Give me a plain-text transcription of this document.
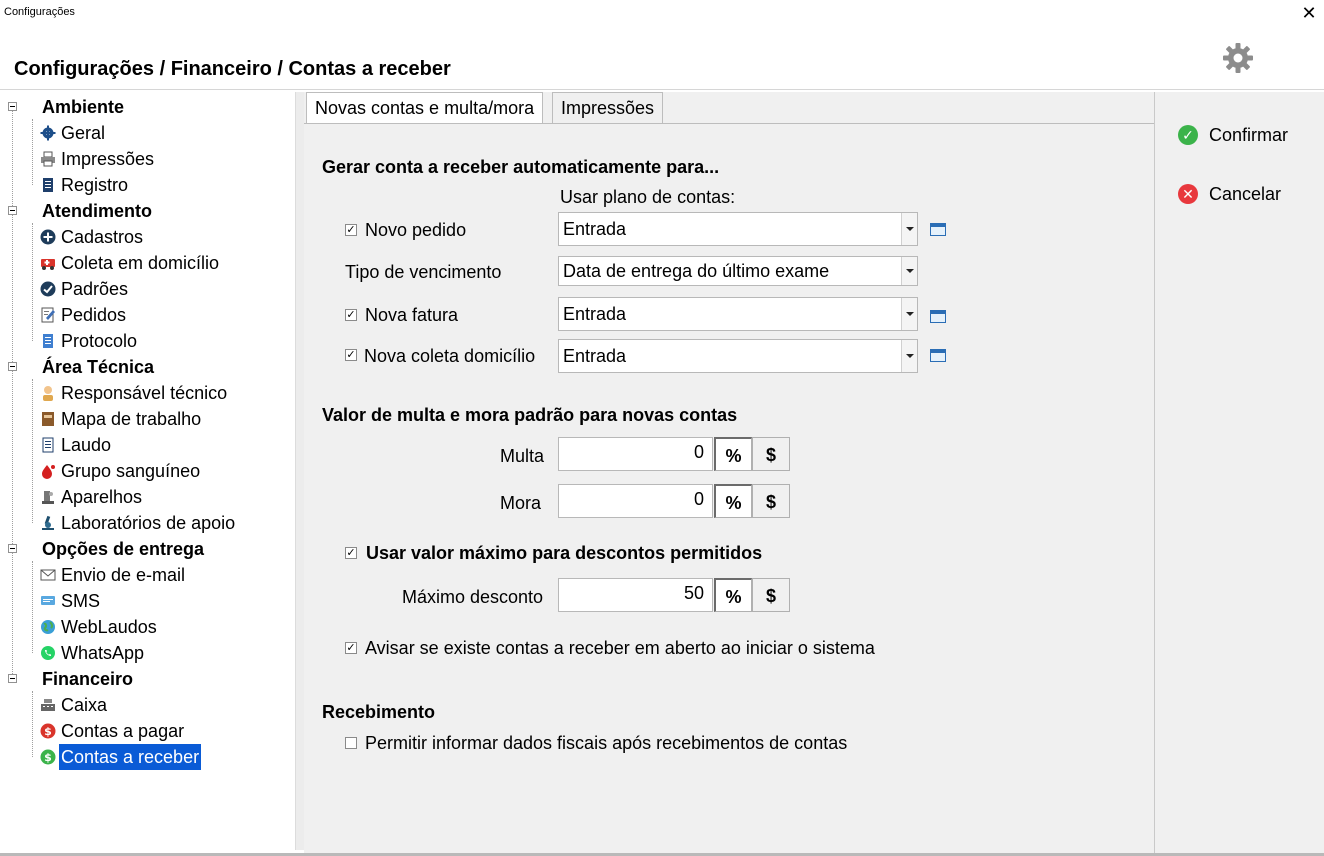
Configurações	✕
Configurações / Financeiro / Contas a receber
Ambiente
Geral
Impressões
Registro
Atendimento
Cadastros
Coleta em domicílio
Padrões
Pedidos
Protocolo
Área Técnica
Responsável técnico
Mapa de trabalho
Laudo
Grupo sanguíneo
Aparelhos
Laboratórios de apoio
Opções de entrega
Envio de e-mail
SMS
WebLaudos
WhatsApp
Financeiro
Caixa
$ Contas a pagar
$ Contas a receber
Novas contas e multa/mora	Impressões
Gerar conta a receber automaticamente para...
Usar plano de contas:
✓ Novo pedido	Entrada
Tipo de vencimento	Data de entrega do último exame
✓ Nova fatura	Entrada
✓ Nova coleta domicílio Entrada
Valor de multa e mora padrão para novas contas
Multa	0	%	$
Mora	0	%	$
✓ Usar valor máximo para descontos permitidos
Máximo desconto	50	%	$
✓ Avisar se existe contas a receber em aberto ao iniciar o sistema
Recebimento
Permitir informar dados fiscais após recebimentos de contas
✓ Confirmar
✕ Cancelar
